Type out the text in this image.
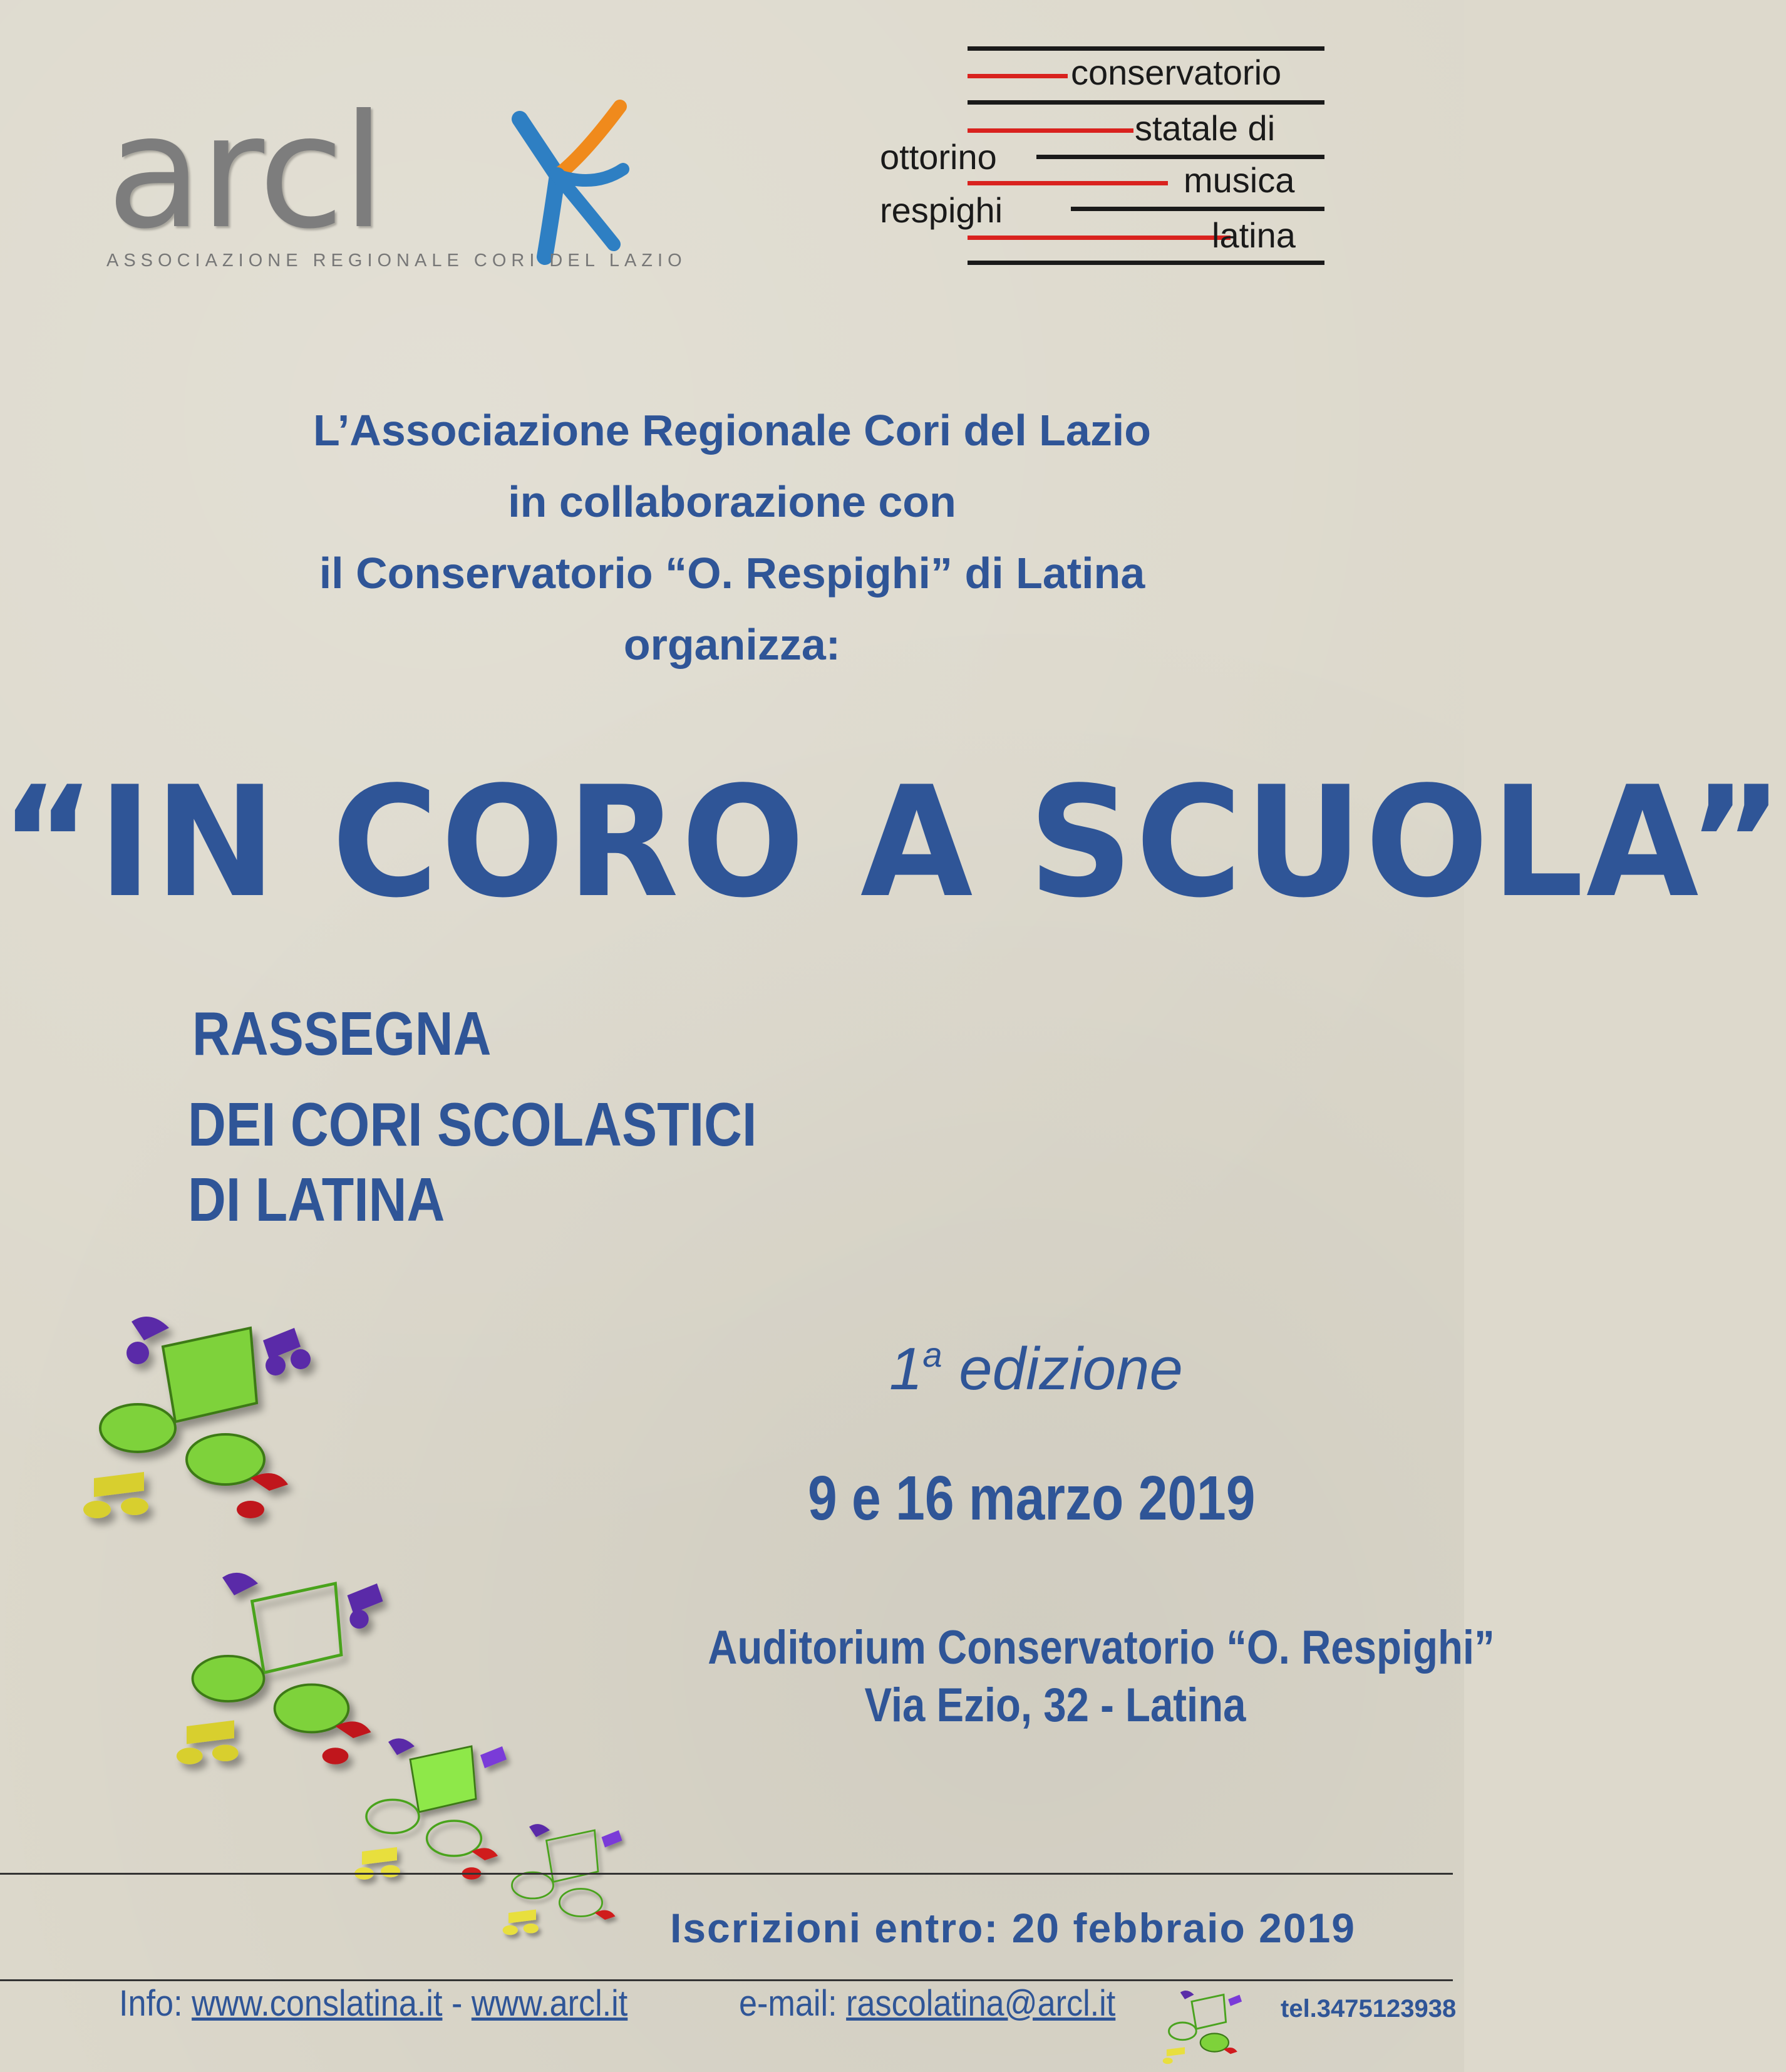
arcl
ASSOCIAZIONE REGIONALE CORI DEL LAZIO
conservatorio
statale di
ottorino
musica
respighi
latina
L’Associazione Regionale Cori del Lazio
in collaborazione con
il Conservatorio “O. Respighi” di Latina
organizza:
“IN CORO A SCUOLA”
RASSEGNA
DEI CORI SCOLASTICI
DI LATINA
1$^a$ edizione
9 e 16 marzo 2019
Auditorium Conservatorio “O. Respighi”
Via Ezio, 32 - Latina
Iscrizioni entro: 20 febbraio 2019
Info: www.conslatina.it - www.arcl.it	e-mail: rascolatina@arcl.it	tel.3475123938
